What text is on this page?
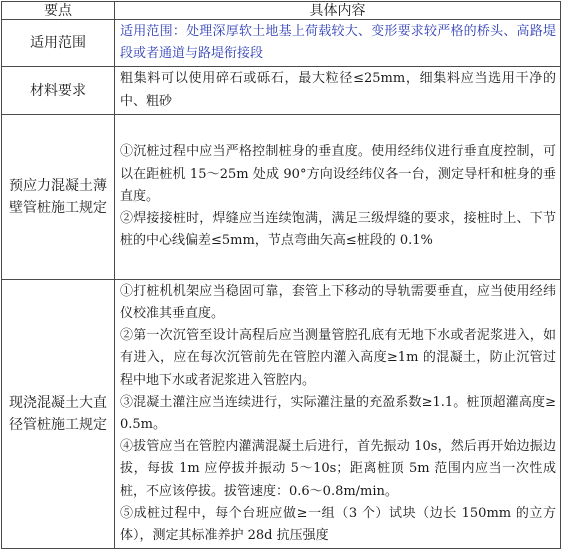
要点	具体内容
适用范围	适用范围：处理深厚软土地基上荷载较大、变形要求较严格的桥头、高路堤段或者通道与路堤衔接段
材料要求	粗集料可以使用碎石或砾石，最大粒径≤25mm，细集料应当选用干净的中、粗砂
预应力混凝土薄壁管桩施工规定	①沉桩过程中应当严格控制桩身的垂直度。使用经纬仪进行垂直度控制，可以在距桩机 15～25m 处成 90°方向设经纬仪各一台，测定导杆和桩身的垂直度。
②焊接接桩时，焊缝应当连续饱满，满足三级焊缝的要求，接桩时上、下节桩的中心线偏差≤5mm，节点弯曲矢高≤桩段的 0.1%

现浇混凝土大直径管桩施工规定	①打桩机机架应当稳固可靠，套管上下移动的导轨需要垂直，应当使用经纬仪校准其垂直度。
②第一次沉管至设计高程后应当测量管腔孔底有无地下水或者泥浆进入，如有进入，应在每次沉管前先在管腔内灌入高度≥1m 的混凝土，防止沉管过程中地下水或者泥浆进入管腔内。
③混凝土灌注应当连续进行，实际灌注量的充盈系数≥1.1。桩顶超灌高度≥0.5m。
④拔管应当在管腔内灌满混凝土后进行，首先振动 10s，然后再开始边振边拔，每拔 1m 应停拔并振动 5～10s；距离桩顶 5m 范围内应当一次性成桩，不应该停拔。拔管速度：0.6～0.8m/min。
⑤成桩过程中，每个台班应做≥一组（3 个）试块（边长 150mm 的立方体），测定其标准养护 28d 抗压强度
